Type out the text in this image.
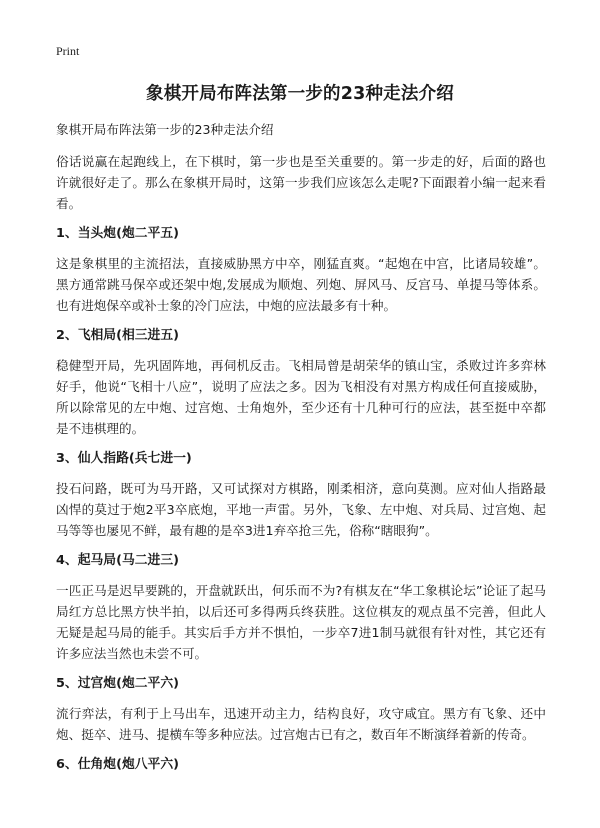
Print
象棋开局布阵法第一步的23种走法介绍

象棋开局布阵法第一步的23种走法介绍

俗话说赢在起跑线上，在下棋时，第一步也是至关重要的。第一步走的好，后面的路也许就很好走了。那么在象棋开局时，这第一步我们应该怎么走呢?下面跟着小编一起来看看。

1、当头炮(炮二平五)

这是象棋里的主流招法，直接威胁黑方中卒，刚猛直爽。“起炮在中宫，比诸局较雄”。黑方通常跳马保卒或还架中炮,发展成为顺炮、列炮、屏风马、反宫马、单提马等体系。也有进炮保卒或补士象的冷门应法，中炮的应法最多有十种。

2、飞相局(相三进五)

稳健型开局，先巩固阵地，再伺机反击。飞相局曾是胡荣华的镇山宝，杀败过许多弈林好手，他说“飞相十八应”，说明了应法之多。因为飞相没有对黑方构成任何直接威胁，所以除常见的左中炮、过宫炮、士角炮外，至少还有十几种可行的应法，甚至挺中卒都是不违棋理的。

3、仙人指路(兵七进一)

投石问路，既可为马开路，又可试探对方棋路，刚柔相济，意向莫测。应对仙人指路最凶悍的莫过于炮2平3卒底炮，平地一声雷。另外，飞象、左中炮、对兵局、过宫炮、起马等等也屡见不鲜，最有趣的是卒3进1弃卒抢三先，俗称“瞎眼狗”。

4、起马局(马二进三)

一匹正马是迟早要跳的，开盘就跃出，何乐而不为?有棋友在“华工象棋论坛”论证了起马局红方总比黑方快半拍，以后还可多得两兵终获胜。这位棋友的观点虽不完善，但此人无疑是起马局的能手。其实后手方并不惧怕，一步卒7进1制马就很有针对性，其它还有许多应法当然也未尝不可。

5、过宫炮(炮二平六)

流行弈法，有利于上马出车，迅速开动主力，结构良好，攻守咸宜。黑方有飞象、还中炮、挺卒、进马、提横车等多种应法。过宫炮古已有之，数百年不断演绎着新的传奇。

6、仕角炮(炮八平六)
